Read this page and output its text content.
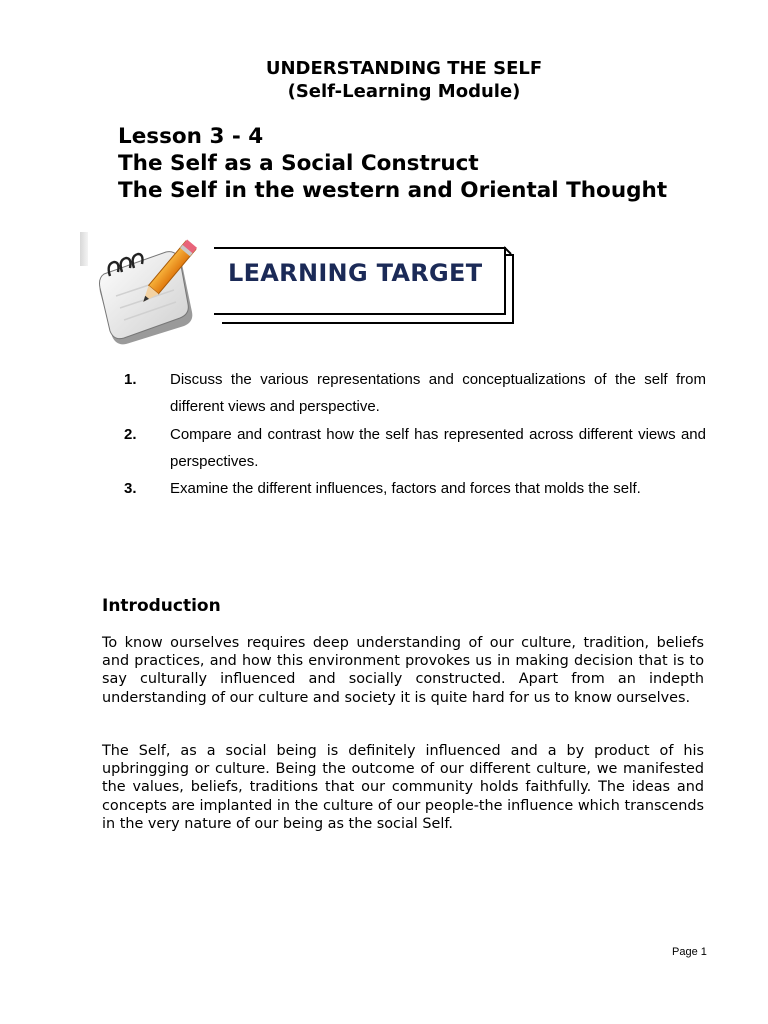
UNDERSTANDING THE SELF
(Self-Learning Module)
Lesson 3 - 4
The Self as a Social Construct
The Self in the western and Oriental Thought
LEARNING TARGET
1.	Discuss the various representations and conceptualizations of the self from different views and perspective.
2.	Compare and contrast how the self has represented across different views and perspectives.
3.	Examine the different influences, factors and forces that molds the self.
Introduction
To know ourselves requires deep understanding of our culture, tradition, beliefs and practices, and how this environment provokes us in making decision that is to say culturally influenced and socially constructed. Apart from an indepth understanding of our culture and society it is quite hard for us to know ourselves.
The Self, as a social being is definitely influenced and a by product of his upbringging or culture. Being the outcome of our different culture, we manifested the values, beliefs, traditions that our community holds faithfully. The ideas and concepts are implanted in the culture of our people-the influence which transcends in the very nature of our being as the social Self.
Page 1
